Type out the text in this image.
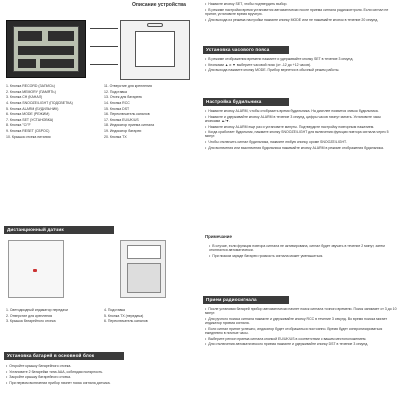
Описание устройства

1. Кнопка RECORD (ЗАПИСЬ)

2. Кнопка MEMORY (ПАМЯТЬ)

3. Кнопка CH (КАНАЛ)

4. Кнопка SNOOZE/LIGHT (ПОДСВЕТКА)

5. Кнопка ALARM (БУДИЛЬНИК)

6. Кнопка MODE (РЕЖИМ)

7. Кнопка SET (УСТАНОВКА)

8. Кнопка °C/°F

9. Кнопка RESET (СБРОС)

10. Крышка отсека питания

11. Отверстие для крепления

12. Подставка

13. Отсек для батареек

14. Кнопка RCC

15. Кнопка DST

16. Переключатель каналов

17. Кнопка EU/UK/US

18. Индикатор приема сигнала

19. Индикатор батареи

20. Кнопка TX

Дистанционный датчик

1. Светодиодный индикатор передачи

2. Отверстие для крепления

3. Крышка батарейного отсека

4. Подставка

5. Кнопка TX (передача)

6. Переключатель каналов

Установка батарей в основной блок

• Откройте крышку батарейного отсека.

• Установите 2 батарейки типа AAA, соблюдая полярность.

• Закройте крышку батарейного отсека.

• При первом включении прибор начнет поиск сигнала датчика.

• Нажмите кнопку SET, чтобы подтвердить выбор.

• В режиме настройки время установится автоматически после приема сигнала радиоконтроля. Если сигнал не принят, установите время вручную.

• Для выхода из режима настройки нажмите кнопку MODE или не нажимайте кнопок в течение 20 секунд.

Установка часового пояса

• В режиме отображения времени нажмите и удерживайте кнопку SET в течение 3 секунд.

• Кнопками ▲ и ▼ выберите часовой пояс (от -12 до +12 часов).

• Для выхода нажмите кнопку MODE. Прибор вернется в обычный режим работы.

Настройка будильника

• Нажмите кнопку ALARM, чтобы отобразить время будильника. На дисплее появится значок будильника.

• Нажмите и удерживайте кнопку ALARM в течение 3 секунд, цифры часов начнут мигать. Установите часы кнопками ▲/▼.

• Нажмите кнопку ALARM еще раз и установите минуты. Подтвердите настройку повторным нажатием.

• Когда сработает будильник, нажмите кнопку SNOOZE/LIGHT для включения функции повтора сигнала через 5 минут.

• Чтобы отключить сигнал будильника, нажмите любую кнопку, кроме SNOOZE/LIGHT.

• Для включения или выключения будильника нажимайте кнопку ALARM в режиме отображения будильника.

Примечание

• В случае, если функция повтора сигнала не активирована, сигнал будет звучать в течение 2 минут, затем отключится автоматически.

• При низком заряде батареи громкость сигнала может уменьшиться.

Прием радиосигнала

• После установки батарей прибор автоматически начнет поиск сигнала точного времени. Поиск занимает от 3 до 10 минут.

• Для ручного поиска сигнала нажмите и удерживайте кнопку RCC в течение 3 секунд. Во время поиска мигает индикатор приема сигнала.

• Если сигнал принят успешно, индикатор будет отображаться постоянно. Время будет синхронизироваться ежедневно в ночные часы.

• Выберите регион приема сигнала кнопкой EU/UK/US в соответствии с вашим местоположением.

• Для отключения автоматического приема нажмите и удерживайте кнопку DST в течение 3 секунд.
